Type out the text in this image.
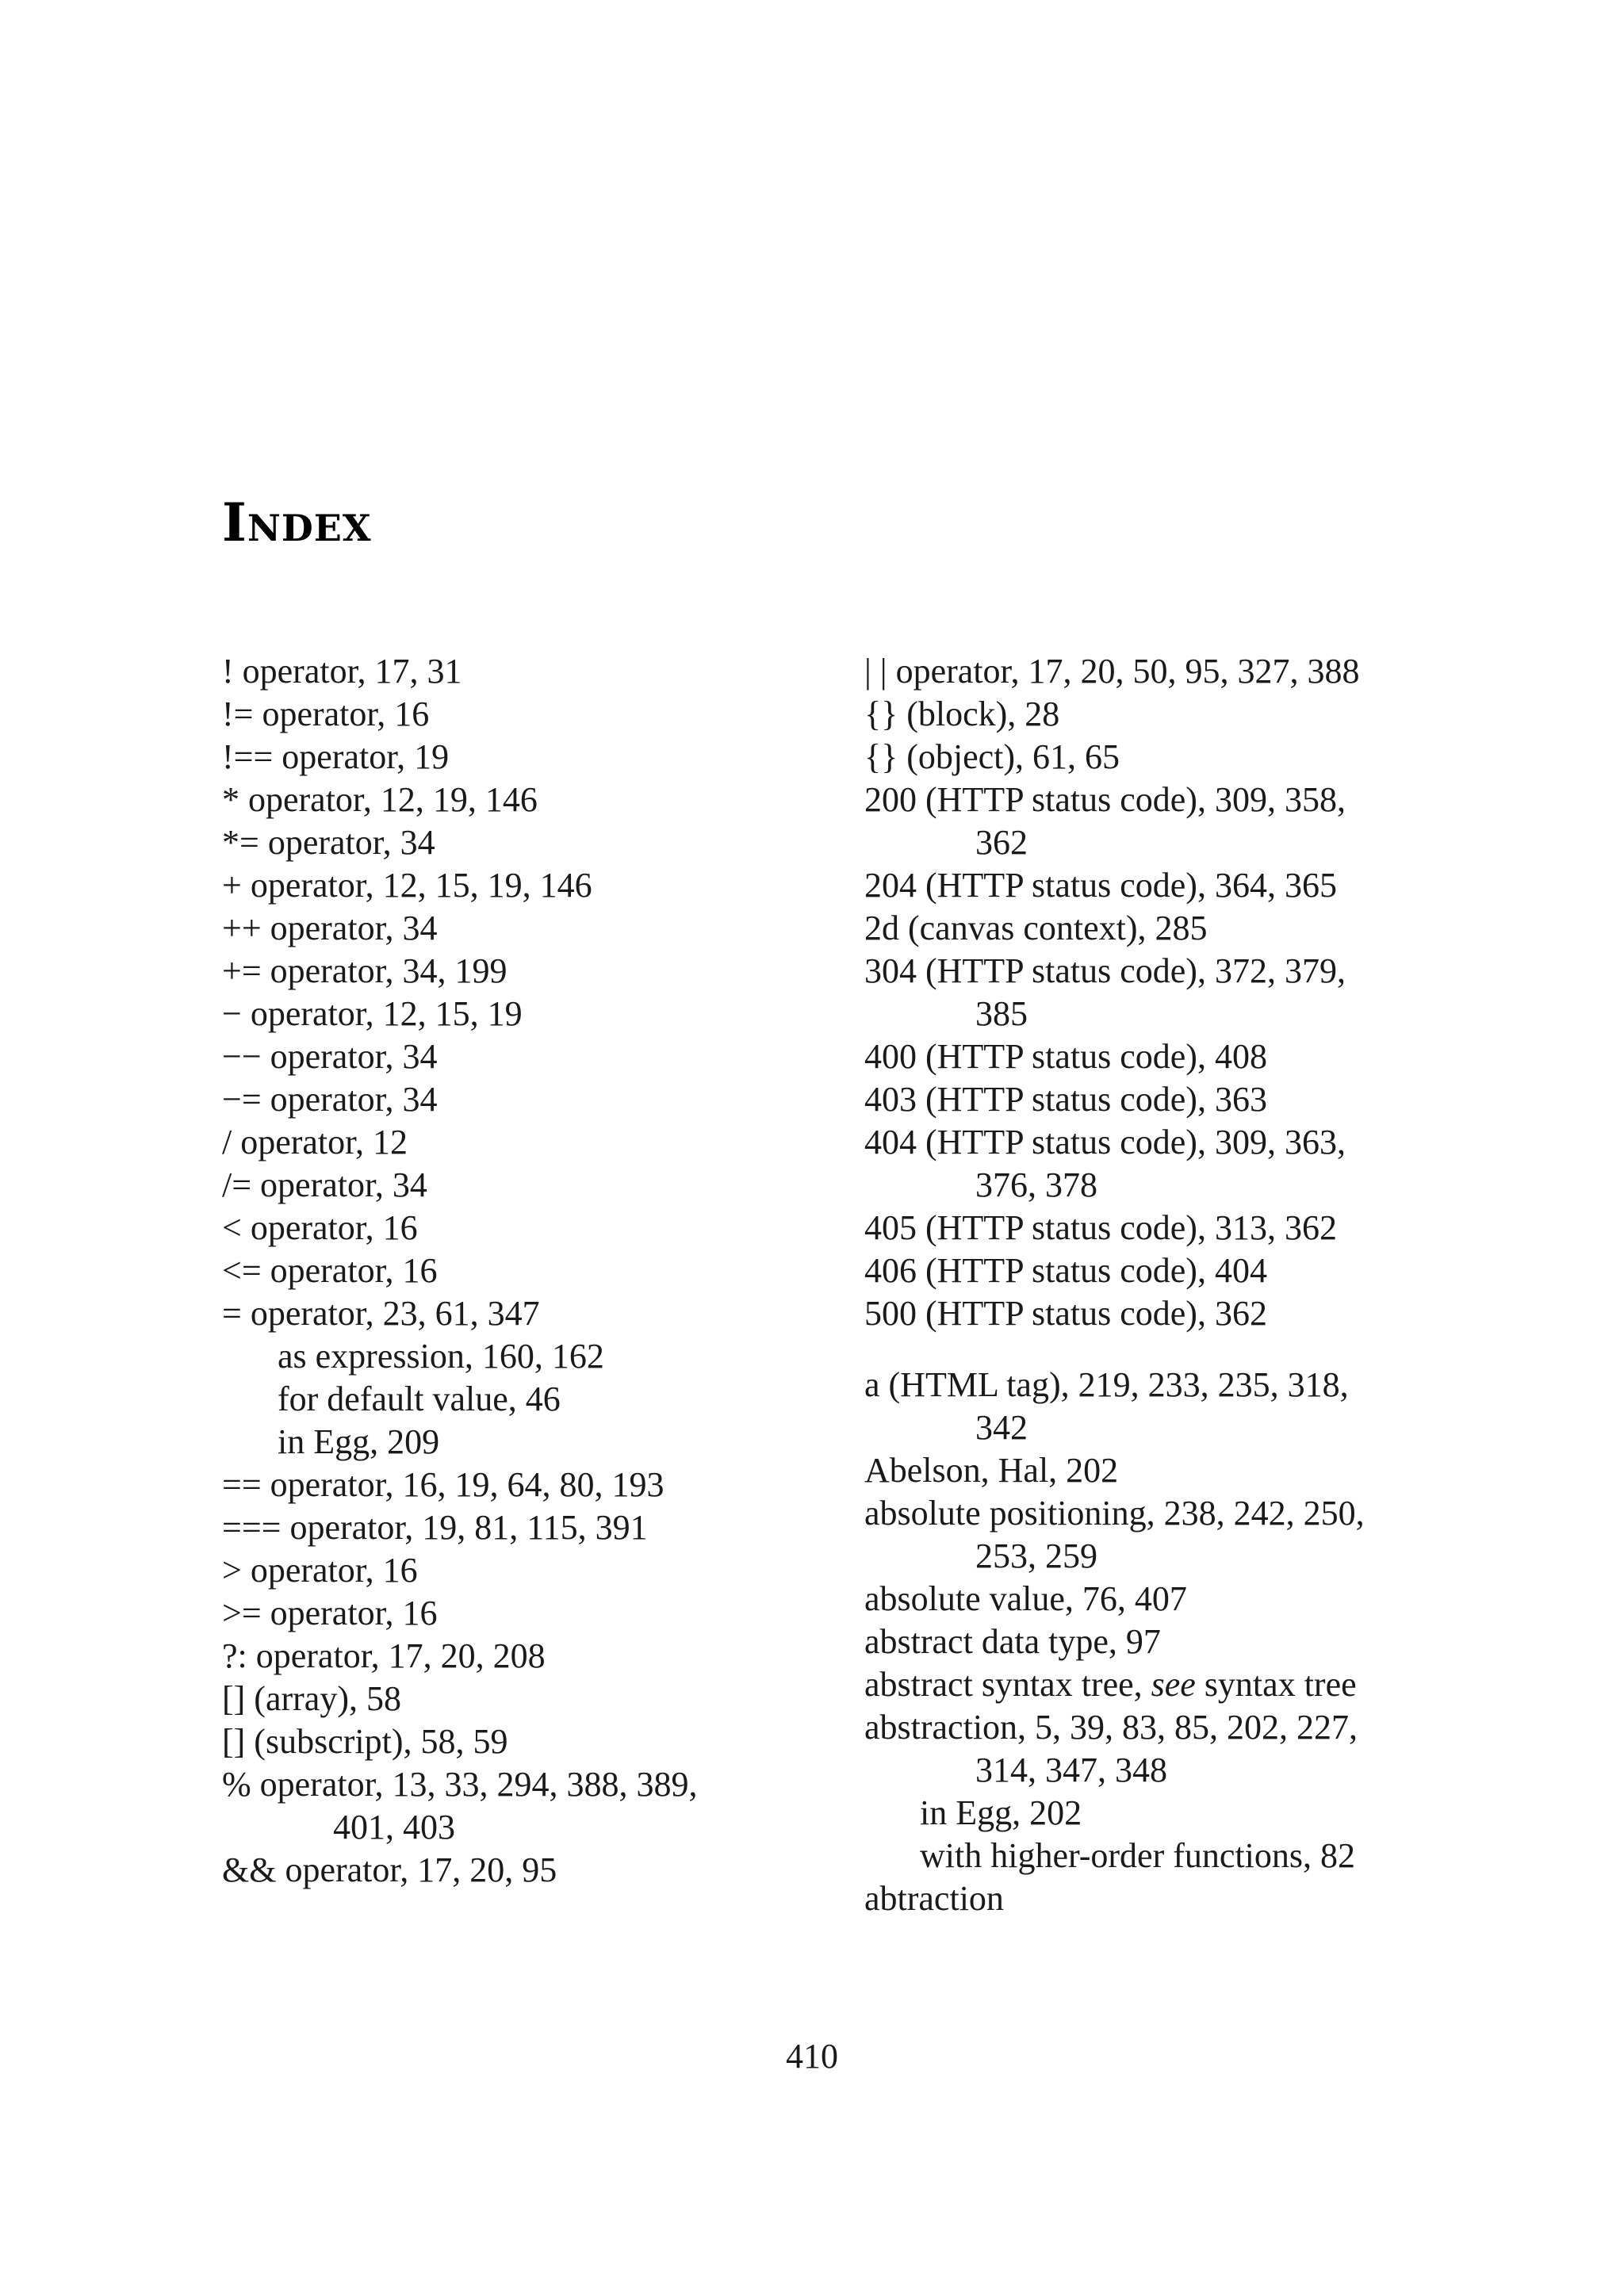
Index
! operator, 17, 31
!= operator, 16
!== operator, 19
* operator, 12, 19, 146
*= operator, 34
+ operator, 12, 15, 19, 146
++ operator, 34
+= operator, 34, 199
− operator, 12, 15, 19
−− operator, 34
−= operator, 34
/ operator, 12
/= operator, 34
< operator, 16
<= operator, 16
= operator, 23, 61, 347
as expression, 160, 162
for default value, 46
in Egg, 209
== operator, 16, 19, 64, 80, 193
=== operator, 19, 81, 115, 391
> operator, 16
>= operator, 16
?: operator, 17, 20, 208
[] (array), 58
[] (subscript), 58, 59
% operator, 13, 33, 294, 388, 389,
401, 403
&& operator, 17, 20, 95
| | operator, 17, 20, 50, 95, 327, 388
{} (block), 28
{} (object), 61, 65
200 (HTTP status code), 309, 358,
362
204 (HTTP status code), 364, 365
2d (canvas context), 285
304 (HTTP status code), 372, 379,
385
400 (HTTP status code), 408
403 (HTTP status code), 363
404 (HTTP status code), 309, 363,
376, 378
405 (HTTP status code), 313, 362
406 (HTTP status code), 404
500 (HTTP status code), 362
a (HTML tag), 219, 233, 235, 318,
342
Abelson, Hal, 202
absolute positioning, 238, 242, 250,
253, 259
absolute value, 76, 407
abstract data type, 97
abstract syntax tree, see syntax tree
abstraction, 5, 39, 83, 85, 202, 227,
314, 347, 348
in Egg, 202
with higher-order functions, 82
abtraction
410
